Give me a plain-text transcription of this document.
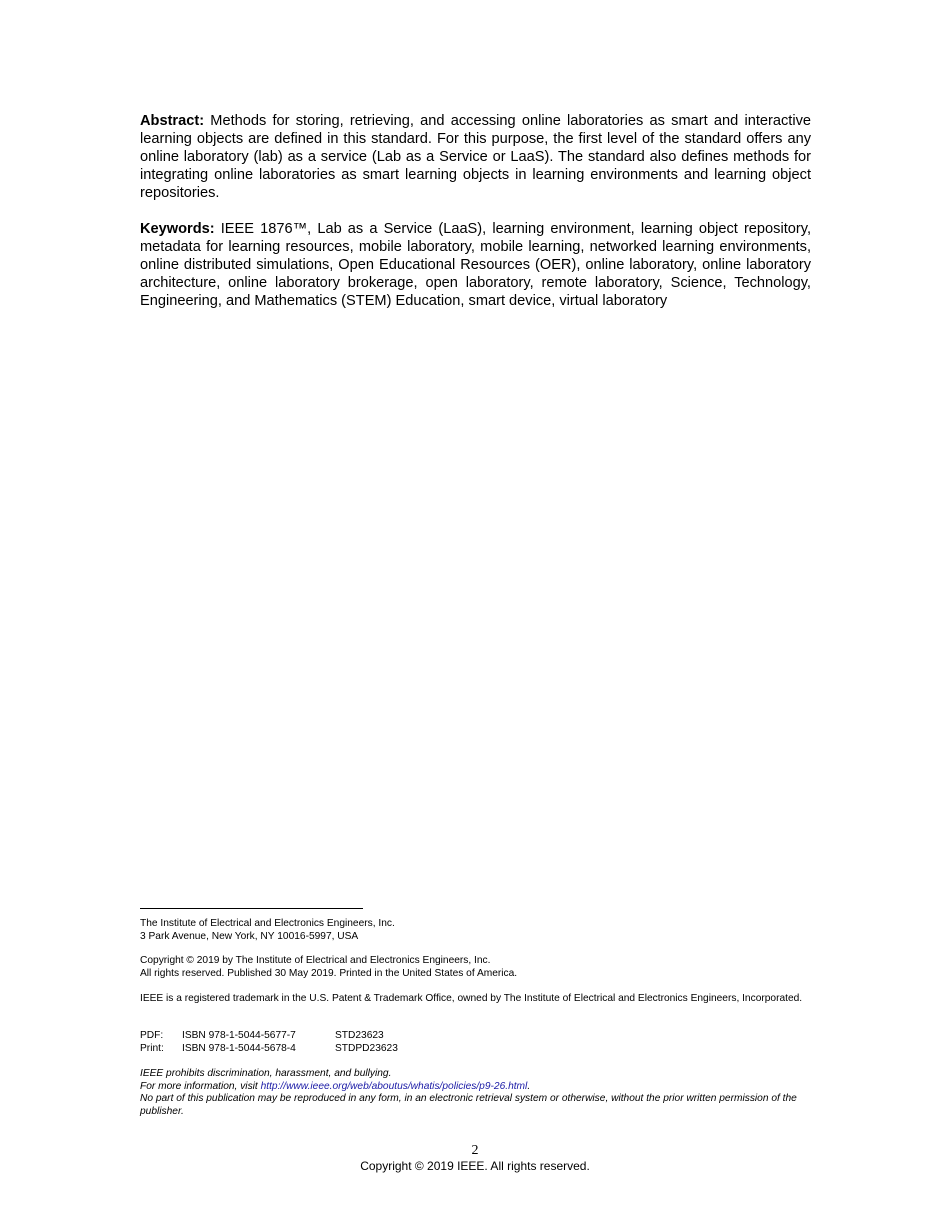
Abstract: Methods for storing, retrieving, and accessing online laboratories as smart and interactive learning objects are defined in this standard. For this purpose, the first level of the standard offers any online laboratory (lab) as a service (Lab as a Service or LaaS). The standard also defines methods for integrating online laboratories as smart learning objects in learning environments and learning object repositories.

Keywords: IEEE 1876™, Lab as a Service (LaaS), learning environment, learning object repository, metadata for learning resources, mobile laboratory, mobile learning, networked learning environments, online distributed simulations, Open Educational Resources (OER), online laboratory, online laboratory architecture, online laboratory brokerage, open laboratory, remote laboratory, Science, Technology, Engineering, and Mathematics (STEM) Education, smart device, virtual laboratory

The Institute of Electrical and Electronics Engineers, Inc.

3 Park Avenue, New York, NY 10016-5997, USA

Copyright © 2019 by The Institute of Electrical and Electronics Engineers, Inc.

All rights reserved. Published 30 May 2019. Printed in the United States of America.

IEEE is a registered trademark in the U.S. Patent & Trademark Office, owned by The Institute of Electrical and Electronics Engineers, Incorporated.

PDF:	ISBN 978-1-5044-5677-7	STD23623
Print:	ISBN 978-1-5044-5678-4	STDPD23623

IEEE prohibits discrimination, harassment, and bullying.

For more information, visit http://www.ieee.org/web/aboutus/whatis/policies/p9-26.html.

No part of this publication may be reproduced in any form, in an electronic retrieval system or otherwise, without the prior written permission of the publisher.

2
Copyright © 2019 IEEE. All rights reserved.
